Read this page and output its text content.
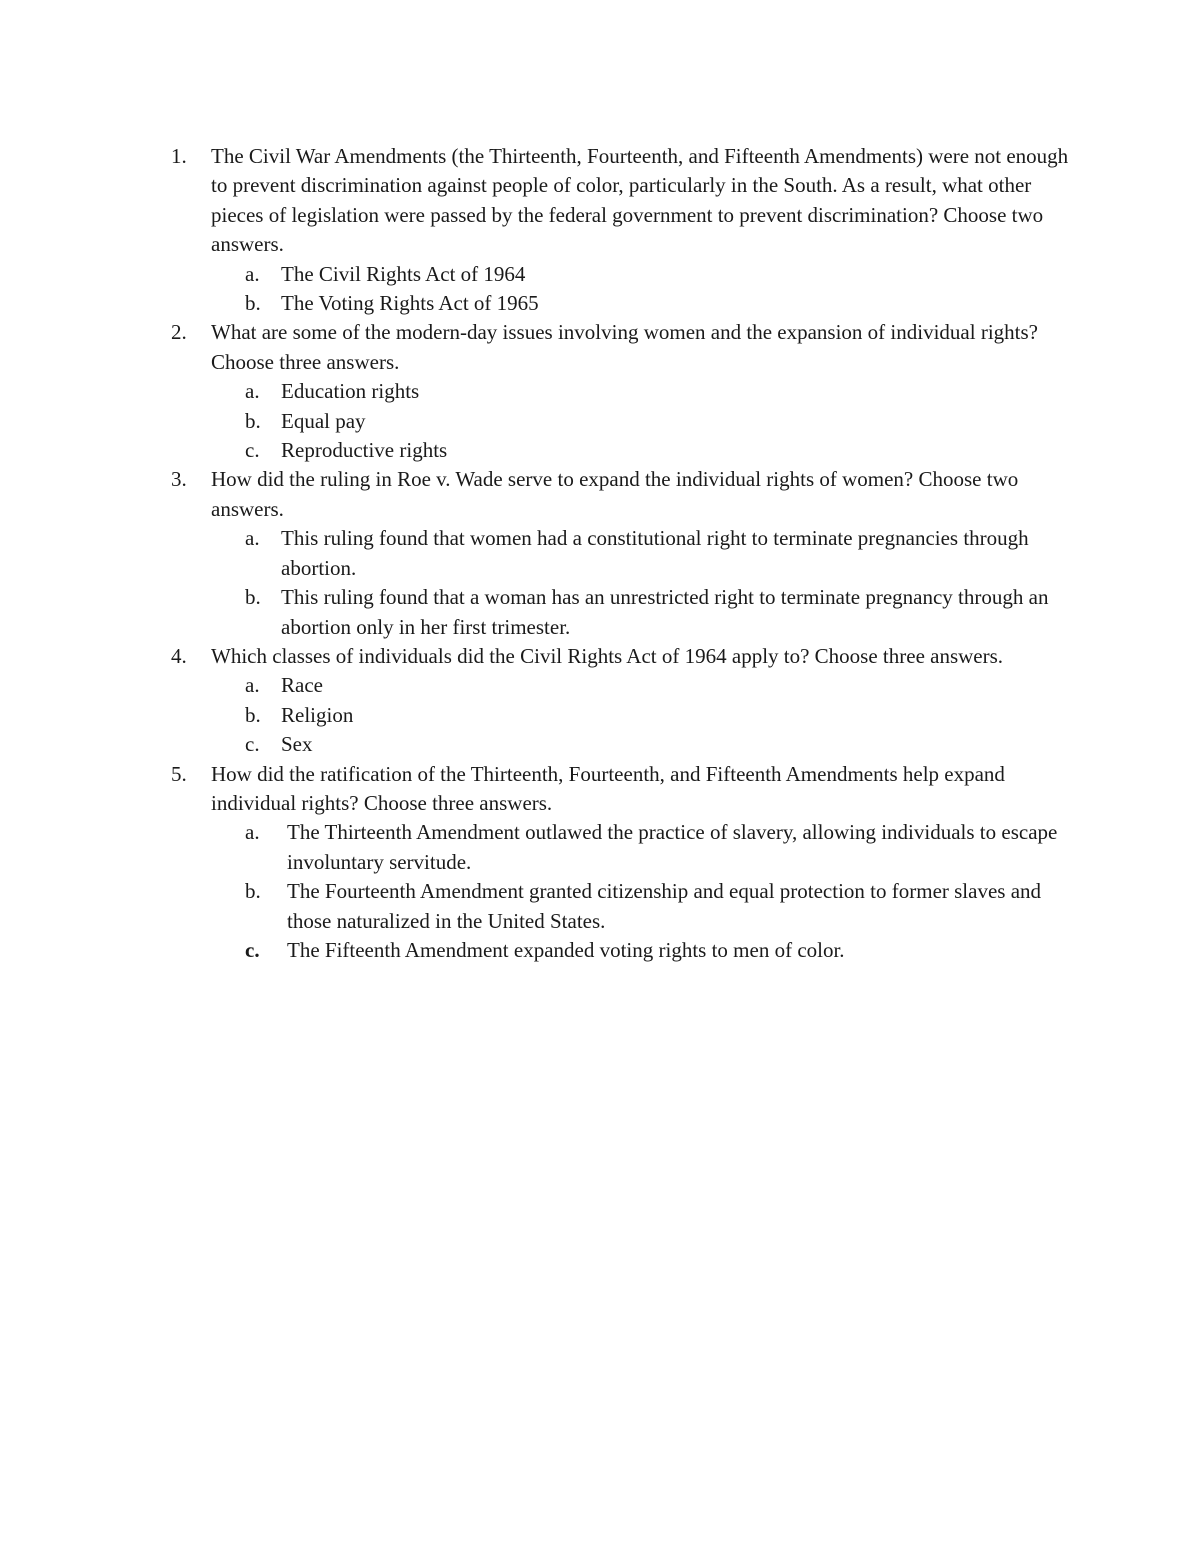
1.	The Civil War Amendments (the Thirteenth, Fourteenth, and Fifteenth Amendments) were not enough to prevent discrimination against people of color, particularly in the South. As a result, what other pieces of legislation were passed by the federal government to prevent discrimination? Choose two answers.
a.	The Civil Rights Act of 1964
b. The Voting Rights Act of 1965
2.	What are some of the modern-day issues involving women and the expansion of individual rights? Choose three answers.
a.	Education rights
b. Equal pay
c.	Reproductive rights
3.	How did the ruling in Roe v. Wade serve to expand the individual rights of women? Choose two answers.
a.	This ruling found that women had a constitutional right to terminate pregnancies through abortion.
b. This ruling found that a woman has an unrestricted right to terminate pregnancy through an abortion only in her first trimester.
4.	Which classes of individuals did the Civil Rights Act of 1964 apply to? Choose three answers.
a.	Race
b. Religion
c.	Sex
5.	How did the ratification of the Thirteenth, Fourteenth, and Fifteenth Amendments help expand individual rights? Choose three answers.
a.	The Thirteenth Amendment outlawed the practice of slavery, allowing individuals to escape involuntary servitude.
b.	The Fourteenth Amendment granted citizenship and equal protection to former slaves and those naturalized in the United States.
c.	The Fifteenth Amendment expanded voting rights to men of color.
